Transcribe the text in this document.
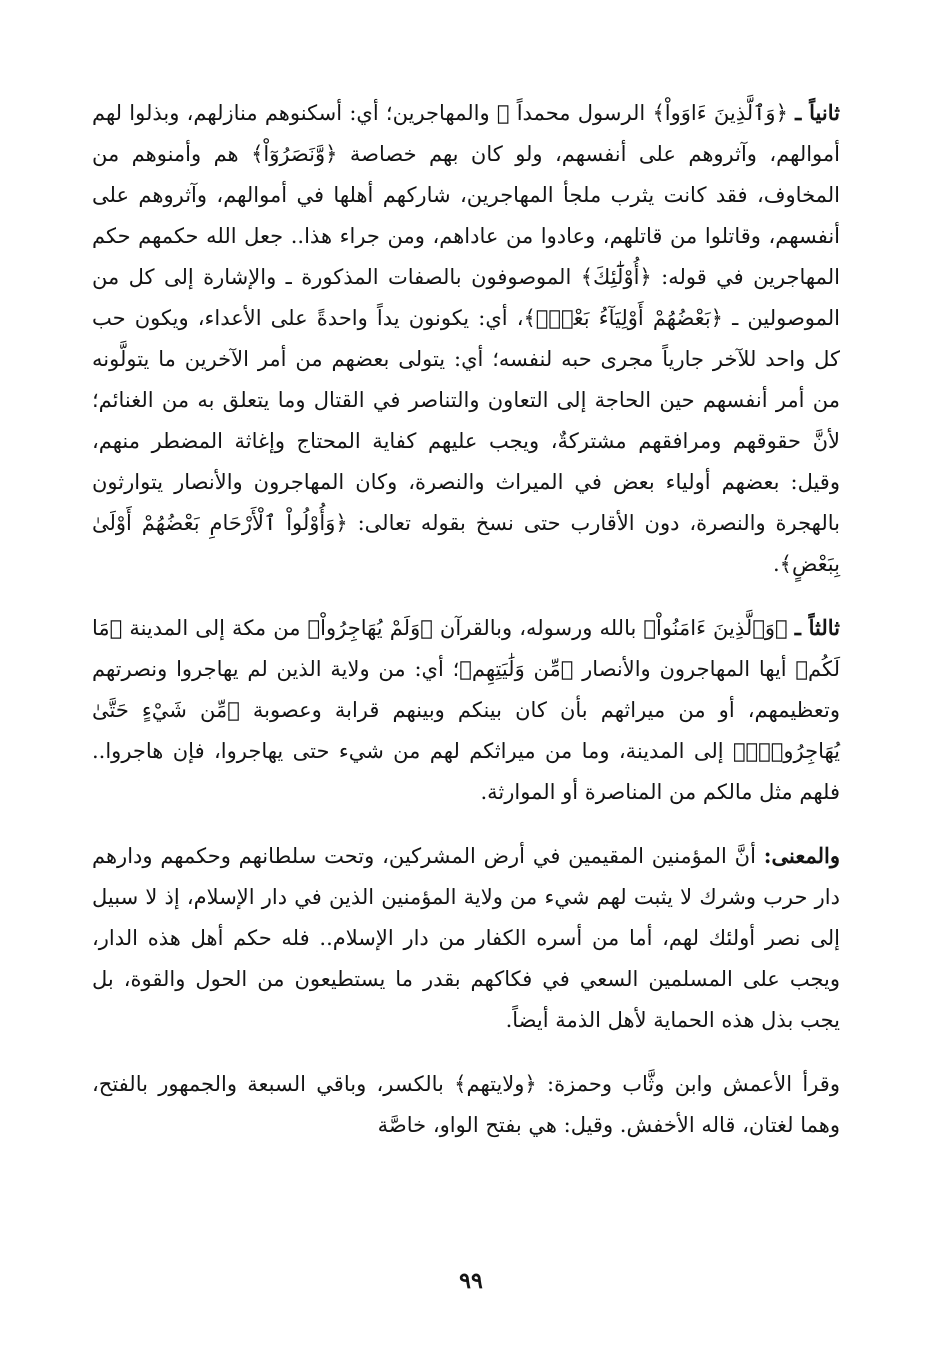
ثانياً ـ ﴿وَٱلَّذِينَ ءَاوَواْ﴾ الرسول محمداً ﷺ والمهاجرين؛ أي: أسكنوهم منازلهم، وبذلوا لهم أموالهم، وآثروهم على أنفسهم، ولو كان بهم خصاصة ﴿وَّنَصَرُوٓاْ﴾ هم وأمنوهم من المخاوف، فقد كانت يثرب ملجأ المهاجرين، شاركهم أهلها في أموالهم، وآثروهم على أنفسهم، وقاتلوا من قاتلهم، وعادوا من عاداهم، ومن جراء هذا.. جعل الله حكمهم حكم المهاجرين في قوله: ﴿أُوْلَٰٓئِكَ﴾ الموصوفون بالصفات المذكورة ـ والإشارة إلى كل من الموصولين ـ ﴿بَعْضُهُمْ أَوْلِيَآءُ بَعْضٍۚ﴾، أي: يكونون يداً واحدةً على الأعداء، ويكون حب كل واحد للآخر جارياً مجرى حبه لنفسه؛ أي: يتولى بعضهم من أمر الآخرين ما يتولَّونه من أمر أنفسهم حين الحاجة إلى التعاون والتناصر في القتال وما يتعلق به من الغنائم؛ لأنَّ حقوقهم ومرافقهم مشتركةٌ، ويجب عليهم كفاية المحتاج وإغاثة المضطر منهم، وقيل: بعضهم أولياء بعض في الميراث والنصرة، وكان المهاجرون والأنصار يتوارثون بالهجرة والنصرة، دون الأقارب حتى نسخ بقوله تعالى: ﴿وَأُوْلُواْ ٱلْأَرْحَامِ بَعْضُهُمْ أَوْلَىٰ بِبَعْضٍ﴾.

ثالثاً ـ ﴿وَٱلَّذِينَ ءَامَنُواْ﴾ بالله ورسوله، وبالقرآن ﴿وَلَمْ يُهَاجِرُواْ﴾ من مكة إلى المدينة ﴿مَا لَكُم﴾ أيها المهاجرون والأنصار ﴿مِّن وَلَٰيَتِهِم﴾؛ أي: من ولاية الذين لم يهاجروا ونصرتهم وتعظيمهم، أو من ميراثهم بأن كان بينكم وبينهم قرابة وعصوبة ﴿مِّن شَيْءٍ حَتَّىٰ يُهَاجِرُواْۚ﴾ إلى المدينة، وما من ميراثكم لهم من شيء حتى يهاجروا، فإن هاجروا.. فلهم مثل مالكم من المناصرة أو الموارثة.

والمعنى: أنَّ المؤمنين المقيمين في أرض المشركين، وتحت سلطانهم وحكمهم ودارهم دار حرب وشرك لا يثبت لهم شيء من ولاية المؤمنين الذين في دار الإسلام، إذ لا سبيل إلى نصر أولئك لهم، أما من أسره الكفار من دار الإسلام.. فله حكم أهل هذه الدار، ويجب على المسلمين السعي في فكاكهم بقدر ما يستطيعون من الحول والقوة، بل يجب بذل هذه الحماية لأهل الذمة أيضاً.

وقرأ الأعمش وابن وثَّاب وحمزة: ﴿ولايتهم﴾ بالكسر، وباقي السبعة والجمهور بالفتح، وهما لغتان، قاله الأخفش. وقيل: هي بفتح الواو، خاصَّة

٩٩
